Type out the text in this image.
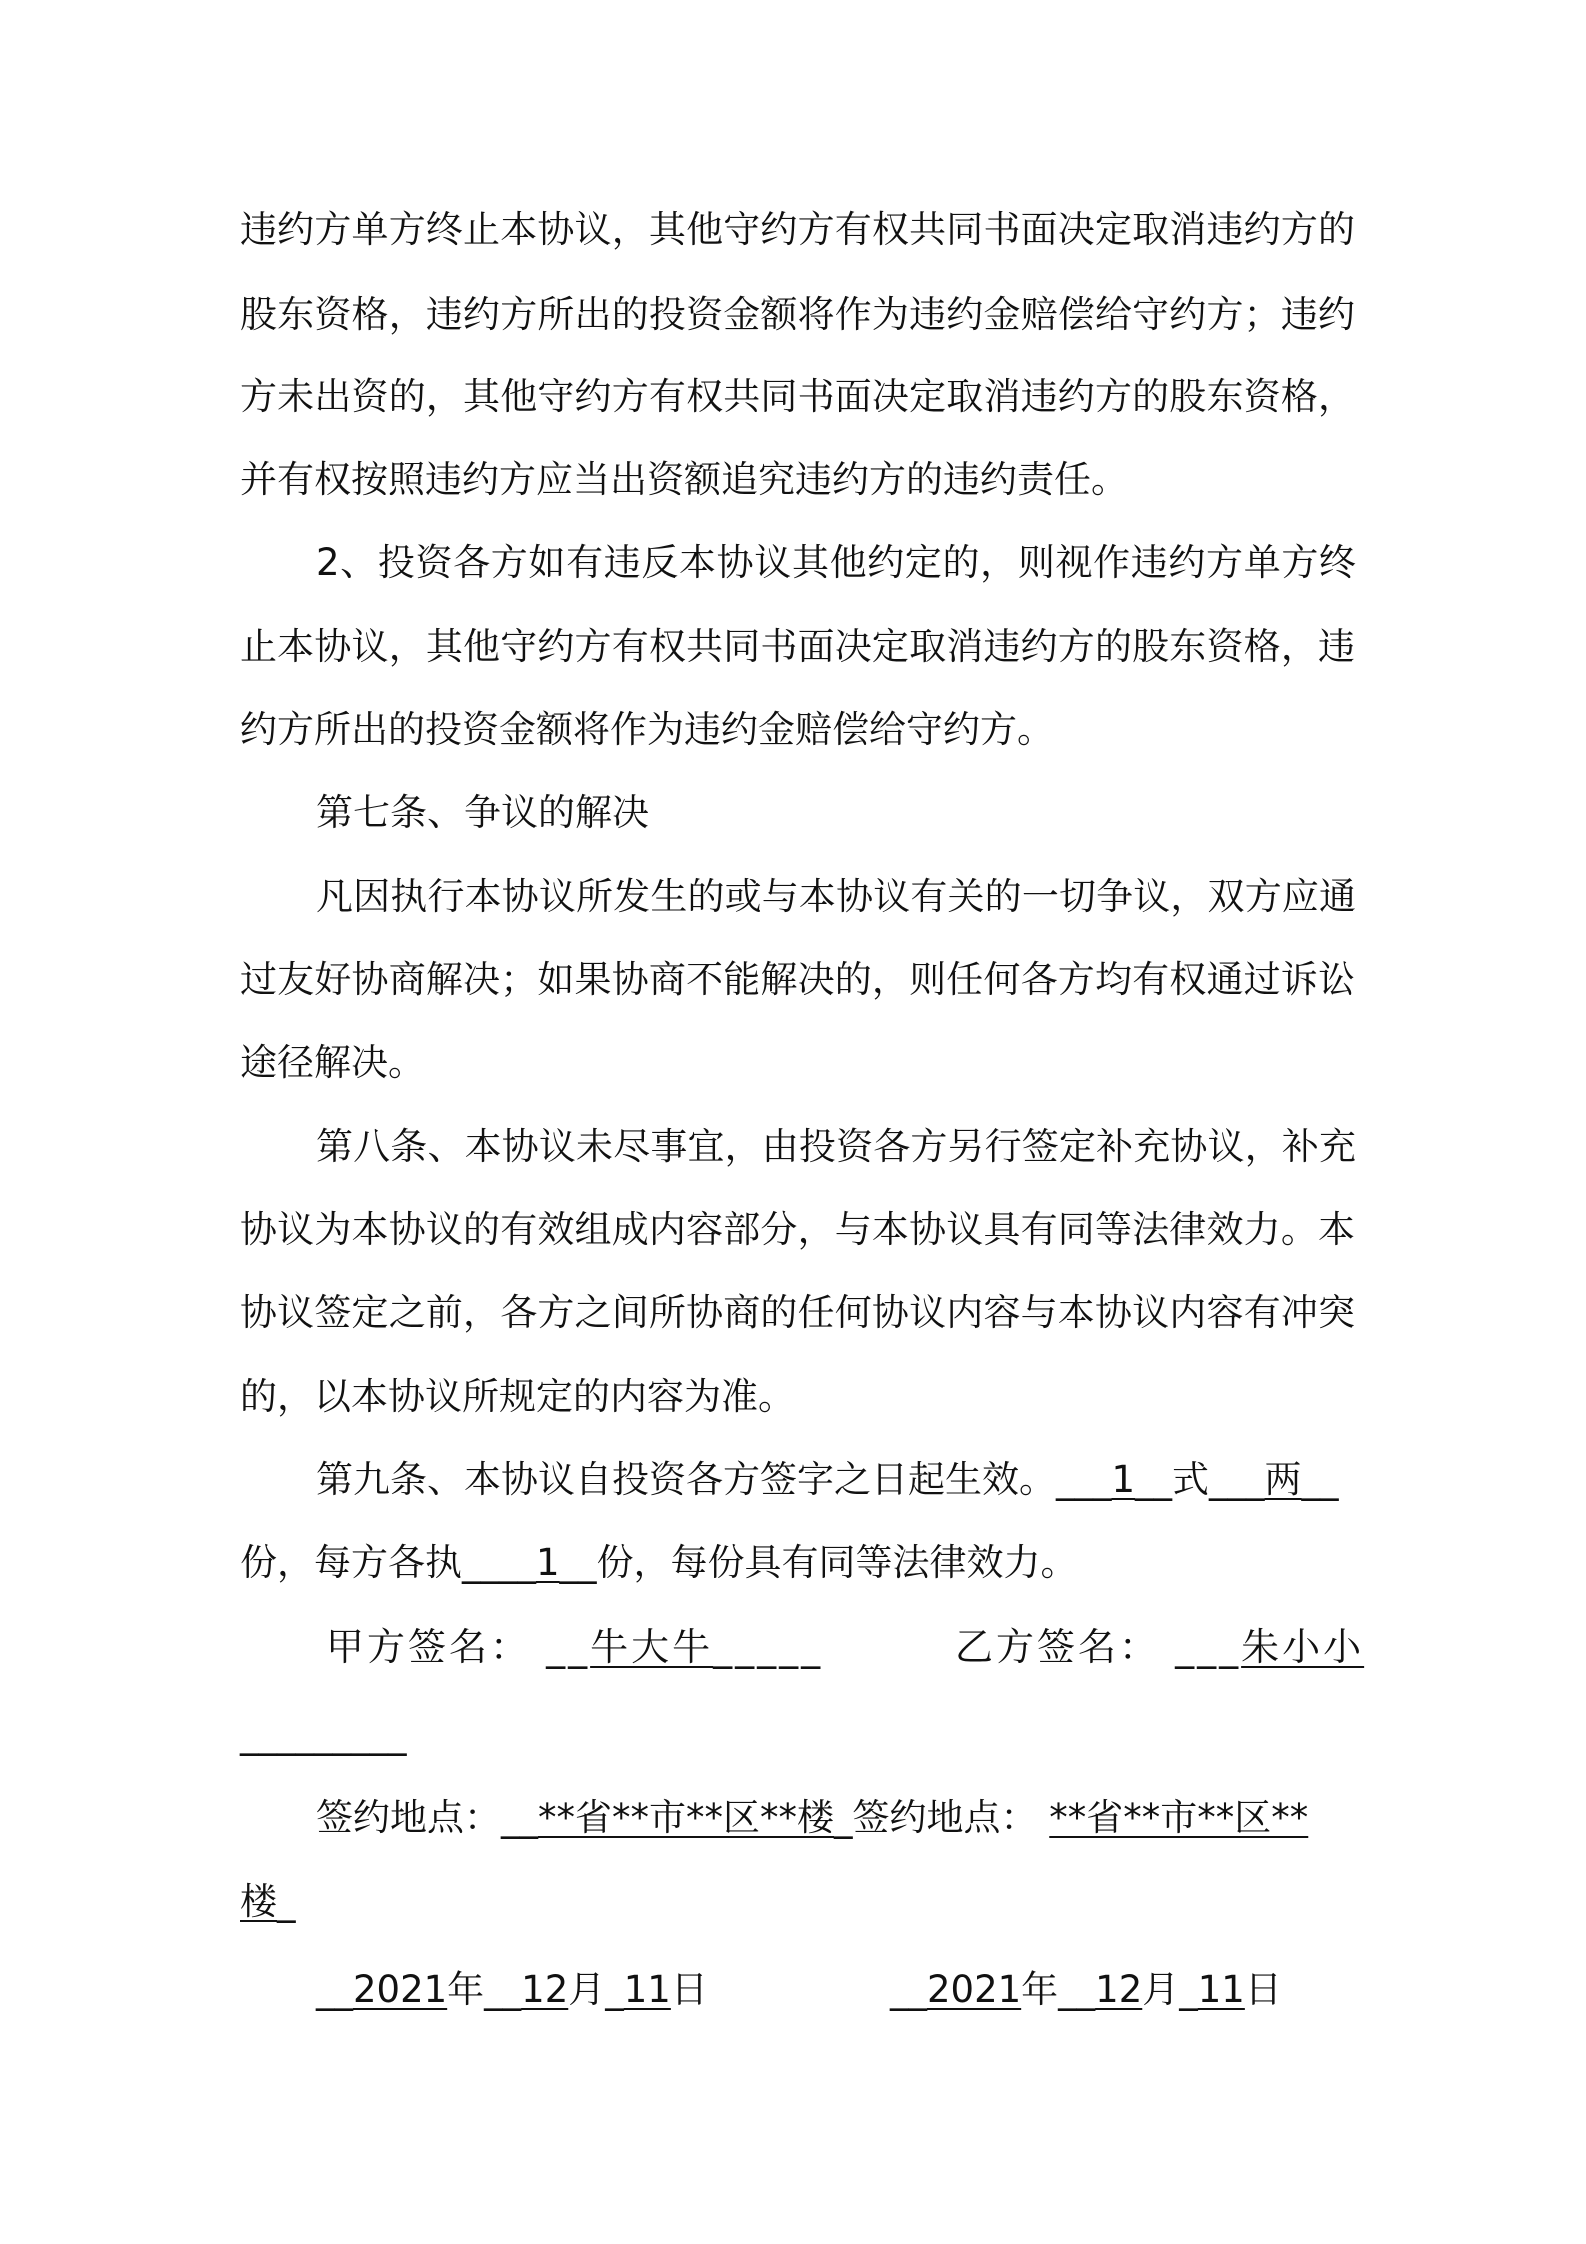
违约方单方终止本协议，其他守约方有权共同书面决定取消违约方的
股东资格，违约方所出的投资金额将作为违约金赔偿给守约方；违约
方未出资的，其他守约方有权共同书面决定取消违约方的股东资格，
并有权按照违约方应当出资额追究违约方的违约责任。
2、投资各方如有违反本协议其他约定的，则视作违约方单方终
止本协议，其他守约方有权共同书面决定取消违约方的股东资格，违
约方所出的投资金额将作为违约金赔偿给守约方。
第七条、争议的解决
凡因执行本协议所发生的或与本协议有关的一切争议，双方应通
过友好协商解决；如果协商不能解决的，则任何各方均有权通过诉讼
途径解决。
第八条、本协议未尽事宜，由投资各方另行签定补充协议，补充
协议为本协议的有效组成内容部分，与本协议具有同等法律效力。本
协议签定之前，各方之间所协商的任何协议内容与本协议内容有冲突
的，以本协议所规定的内容为准。
第九条、本协议自投资各方签字之日起生效。___1__式___两__
份，每方各执____1__份，每份具有同等法律效力。
甲方签名： __牛大牛_____	乙方签名： ___朱小小
_________
签约地点：__**省**市**区**楼_签约地点： **省**市**区**
楼_
__2021年__12月_11日	__2021年__12月_11日
